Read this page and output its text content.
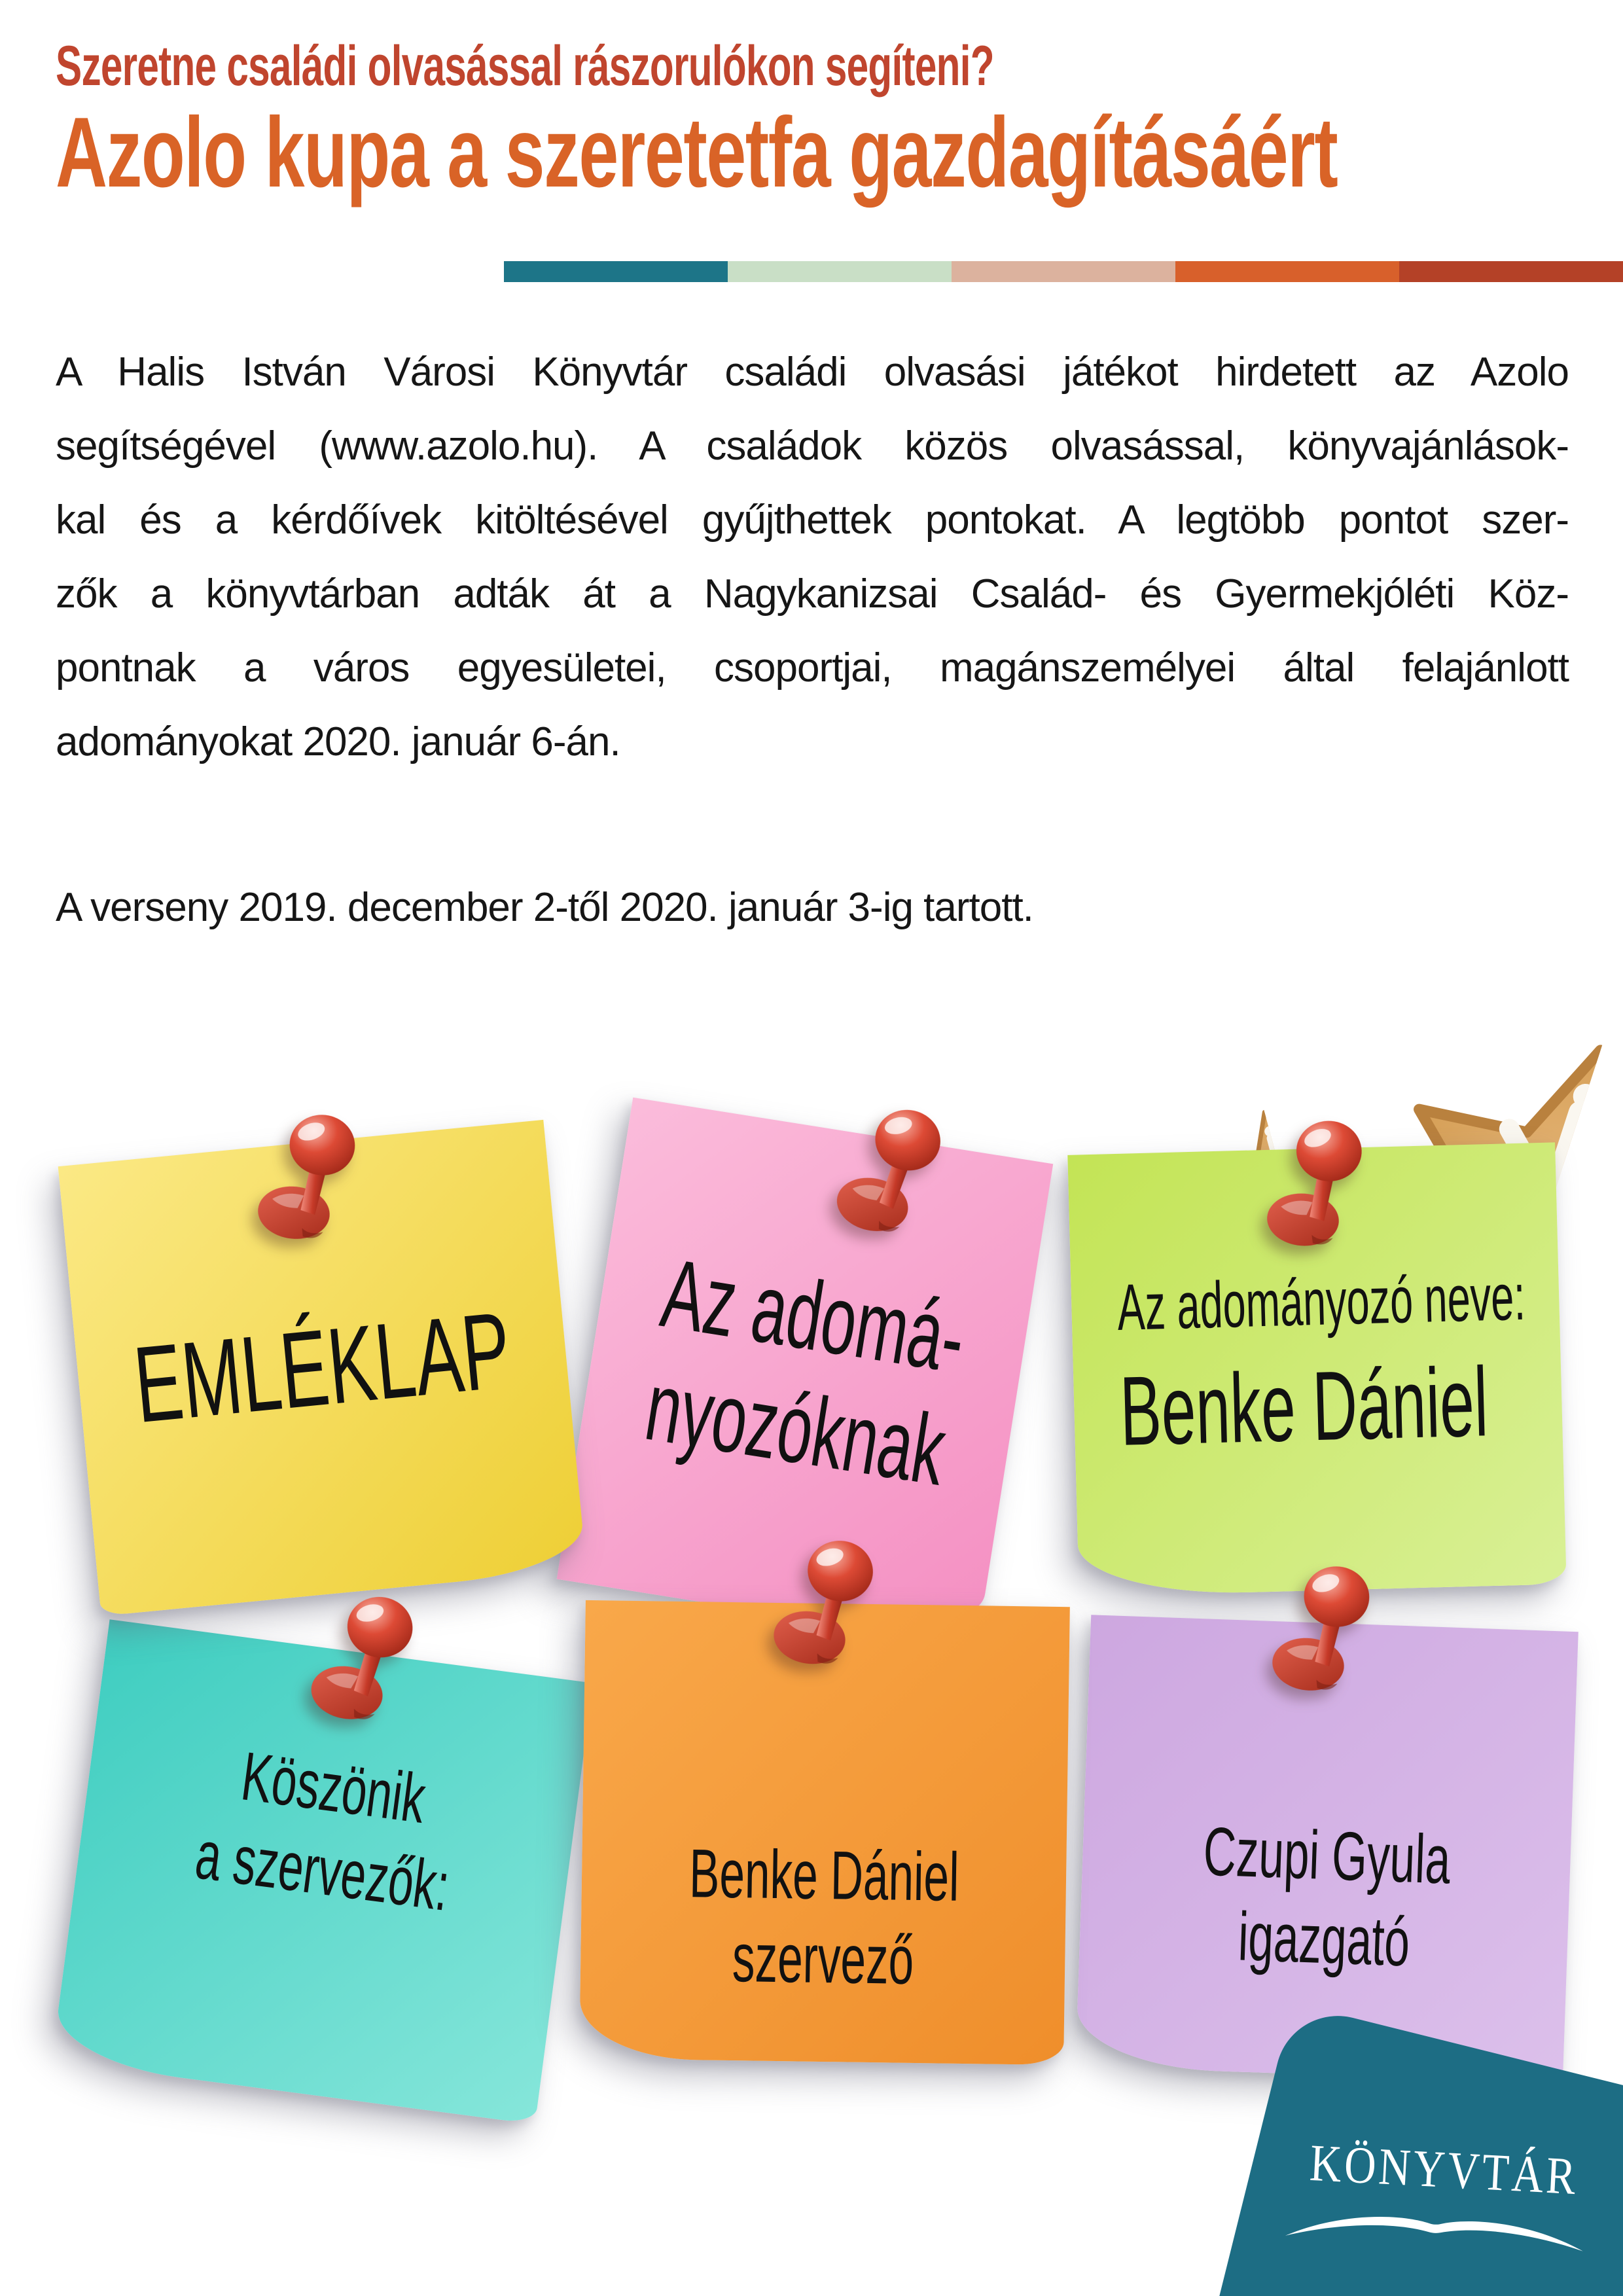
Szeretne családi olvasással rászorulókon segíteni?
Azolo kupa a szeretetfa gazdagításáért
A Halis István Városi Könyvtár családi olvasási játékot hirdetett az Azolo
segítségével (www.azolo.hu). A családok közös olvasással, könyvajánlások-
kal és a kérdőívek kitöltésével gyűjthettek pontokat. A legtöbb pontot szer-
zők a könyvtárban adták át a Nagykanizsai Család- és Gyermekjóléti Köz-
pontnak a város egyesületei, csoportjai, magánszemélyei által felajánlott
adományokat 2020. január 6-án.
A verseny 2019. december 2-től 2020. január 3-ig tartott.
EMLÉKLAP Az adomá-
nyozóknak
Az adományozó neve:
Benke Dániel
Köszönik
a szervezők:	Benke Dániel
szervező
Czupi Gyula
igazgató
KÖNYVTÁR
